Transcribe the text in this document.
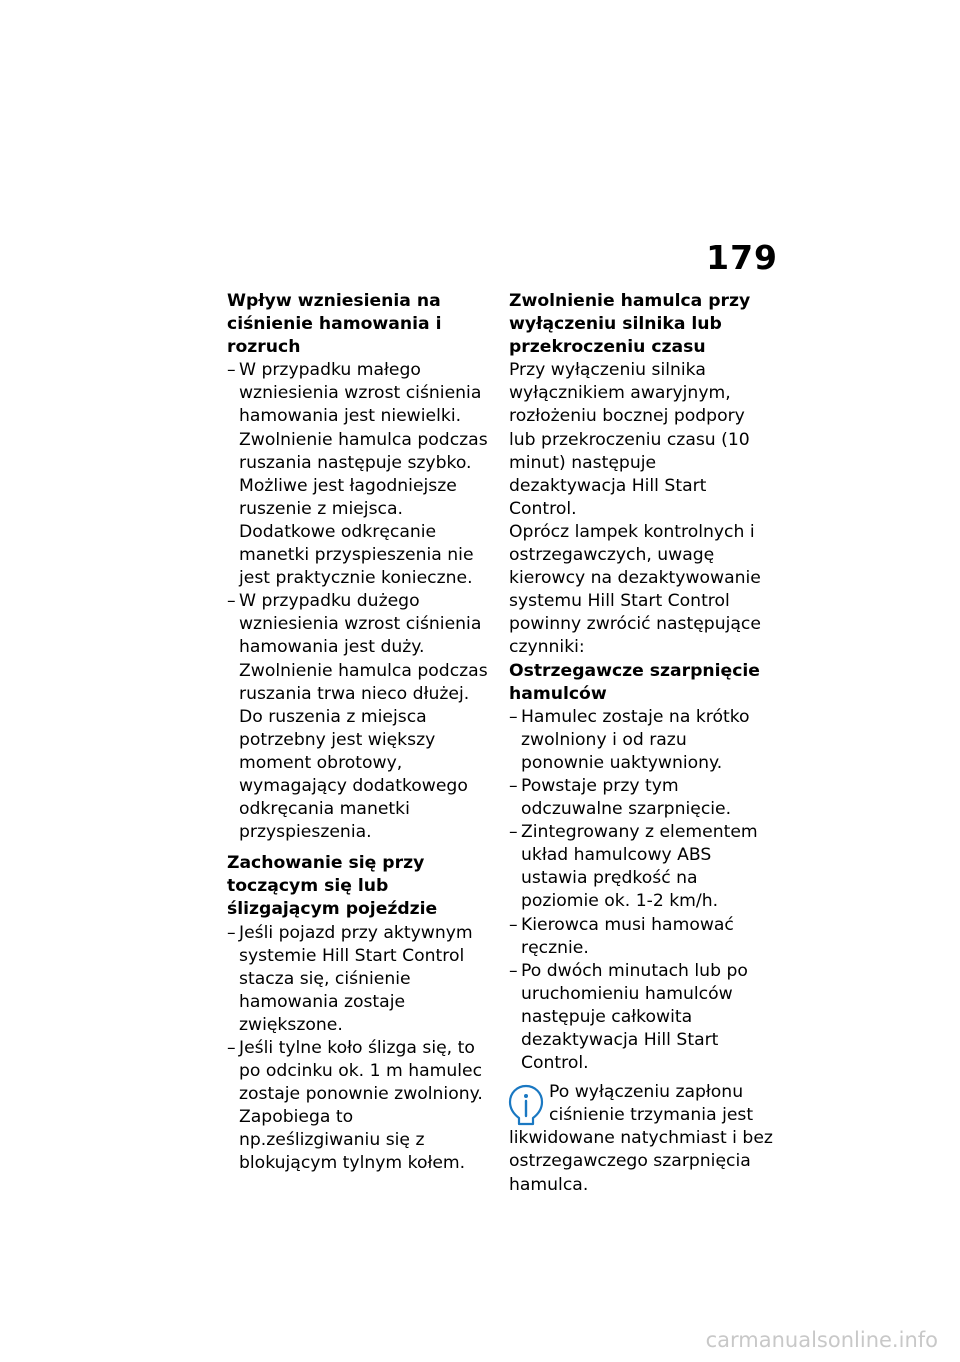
179

Wpływ wzniesienia na ciśnienie hamowania i rozruch

– W przypadku małego wzniesienia wzrost ciśnienia hamowania jest niewielki. Zwolnienie hamulca podczas ruszania następuje szybko. Możliwe jest łagodniejsze ruszenie z miejsca. Dodatkowe odkręcanie manetki przyspieszenia nie jest praktycznie konieczne.
– W przypadku dużego wzniesienia wzrost ciśnienia hamowania jest duży. Zwolnienie hamulca podczas ruszania trwa nieco dłużej. Do ruszenia z miejsca potrzebny jest większy moment obrotowy, wymagający dodatkowego odkręcania manetki przyspieszenia.

Zachowanie się przy toczącym się lub ślizgającym pojeździe

– Jeśli pojazd przy aktywnym systemie Hill Start Control stacza się, ciśnienie hamowania zostaje zwiększone.
– Jeśli tylne koło ślizga się, to po odcinku ok. 1 m hamulec zostaje ponownie zwolniony. Zapobiega to np.ześlizgiwaniu się z blokującym tylnym kołem.

Zwolnienie hamulca przy wyłączeniu silnika lub przekroczeniu czasu

Przy wyłączeniu silnika wyłącznikiem awaryjnym, rozłożeniu bocznej podpory lub przekroczeniu czasu (10 minut) następuje dezaktywacja Hill Start Control.

Oprócz lampek kontrolnych i ostrzegawczych, uwagę kierowcy na dezaktywowanie systemu Hill Start Control powinny zwrócić następujące czynniki:

Ostrzegawcze szarpnięcie hamulców

– Hamulec zostaje na krótko zwolniony i od razu ponownie uaktywniony.
– Powstaje przy tym odczuwalne szarpnięcie.
– Zintegrowany z elementem układ hamulcowy ABS ustawia prędkość na poziomie ok. 1-2 km/h.
– Kierowca musi hamować ręcznie.
– Po dwóch minutach lub po uruchomieniu hamulców następuje całkowita dezaktywacja Hill Start Control.
Po wyłączeniu zapłonu ciśnienie trzymania jest likwidowane natychmiast i bez ostrzegawczego szarpnięcia hamulca.
carmanualsonline.info
